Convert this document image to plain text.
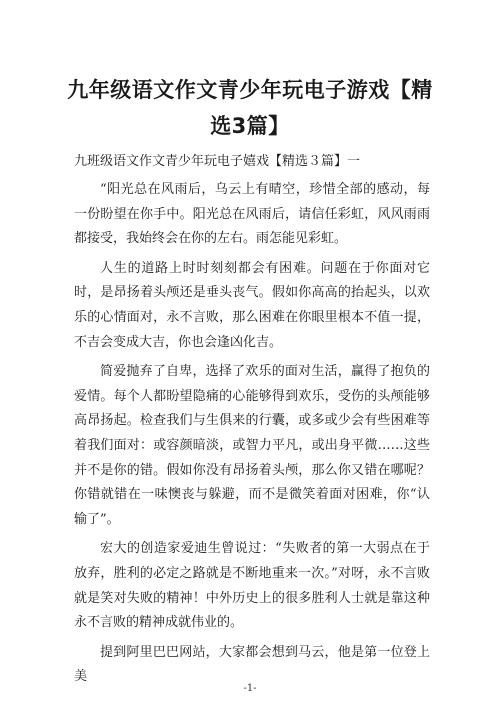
九年级语文作文青少年玩电子游戏【精选3篇】
九班级语文作文青少年玩电子嬉戏【精选３篇】一

“阳光总在风雨后，乌云上有晴空，珍惜全部的感动，每一份盼望在你手中。阳光总在风雨后，请信任彩虹，风风雨雨都接受，我始终会在你的左右。雨怎能见彩虹。

人生的道路上时时刻刻都会有困难。问题在于你面对它时，是昂扬着头颅还是垂头丧气。假如你高高的抬起头，以欢乐的心情面对，永不言败，那么困难在你眼里根本不值一提，不吉会变成大吉，你也会逢凶化吉。

简爱抛弃了自卑，选择了欢乐的面对生活，赢得了抱负的爱情。每个人都盼望隐痛的心能够得到欢乐，受伤的头颅能够高昂扬起。检查我们与生俱来的行囊，或多或少会有些困难等着我们面对：或容颜暗淡，或智力平凡，或出身平微……这些并不是你的错。假如你没有昂扬着头颅，那么你又错在哪呢？你错就错在一味懊丧与躲避，而不是微笑着面对困难，你“认输了”。

宏大的创造家爱迪生曾说过：“失败者的第一大弱点在于放弃，胜利的必定之路就是不断地重来一次。”对呀，永不言败就是笑对失败的精神！中外历史上的很多胜利人士就是靠这种永不言败的精神成就伟业的。

提到阿里巴巴网站，大家都会想到马云，他是第一位登上美

-1-
